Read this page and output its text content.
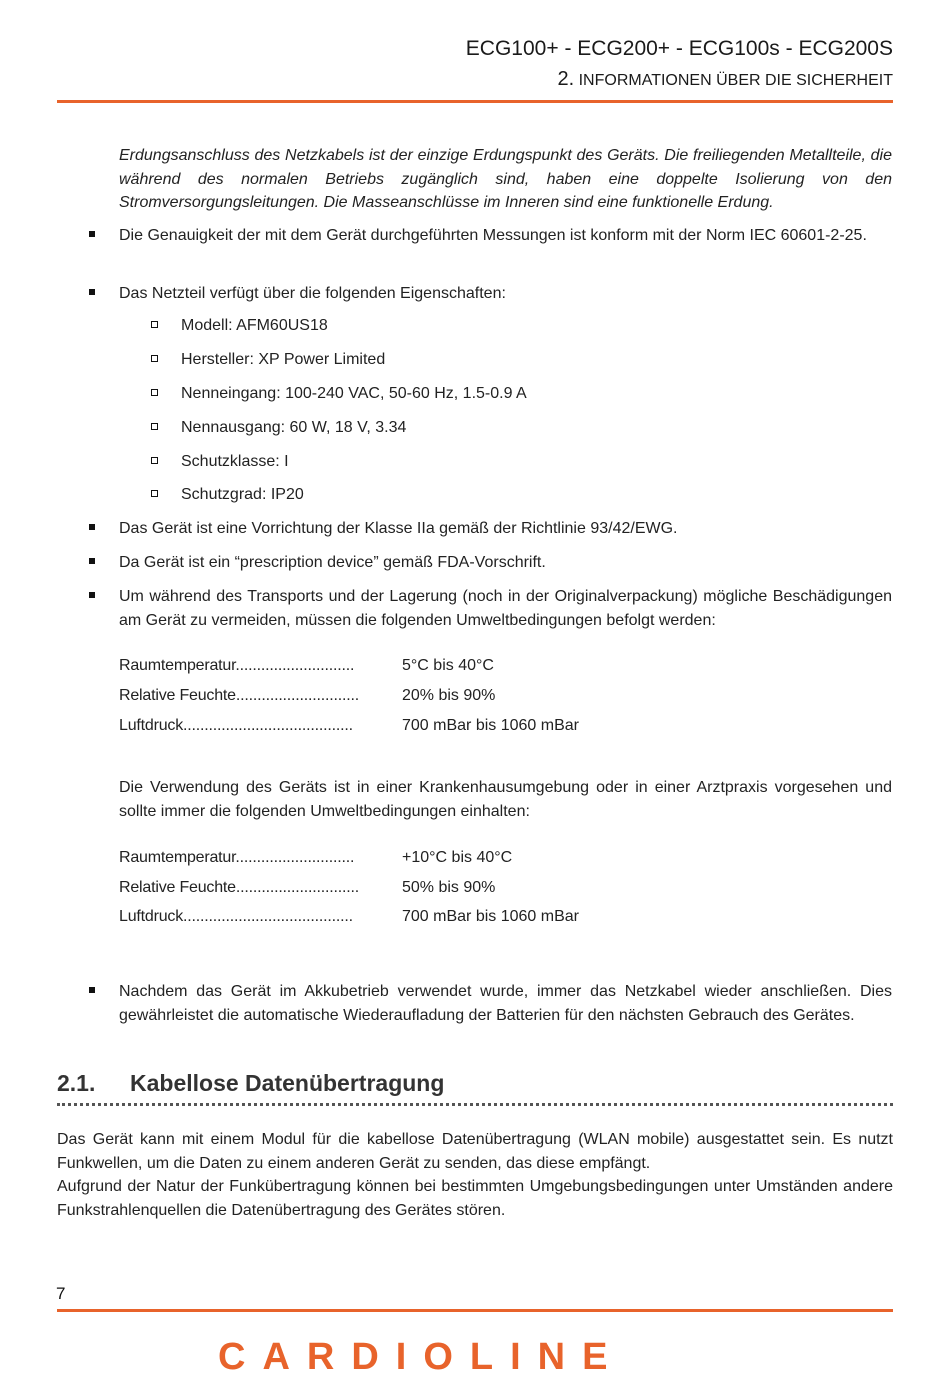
ECG100+ - ECG200+ - ECG100s - ECG200S
2. INFORMATIONEN ÜBER DIE SICHERHEIT

Erdungsanschluss des Netzkabels ist der einzige Erdungspunkt des Geräts. Die freiliegenden Metallteile, die während des normalen Betriebs zugänglich sind, haben eine doppelte Isolierung von den Stromversorgungsleitungen. Die Masseanschlüsse im Inneren sind eine funktionelle Erdung.

Die Genauigkeit der mit dem Gerät durchgeführten Messungen ist konform mit der Norm IEC 60601-2-25.

Das Netzteil verfügt über die folgenden Eigenschaften:

Modell: AFM60US18
Hersteller: XP Power Limited
Nenneingang: 100-240 VAC, 50-60 Hz, 1.5-0.9 A
Nennausgang: 60 W, 18 V, 3.34
Schutzklasse: I
Schutzgrad: IP20

Das Gerät ist eine Vorrichtung der Klasse IIa gemäß der Richtlinie 93/42/EWG.

Da Gerät ist ein “prescription device” gemäß FDA-Vorschrift.

Um während des Transports und der Lagerung (noch in der Originalverpackung) mögliche Beschädigungen am Gerät zu vermeiden, müssen die folgenden Umweltbedingungen befolgt werden:

Raumtemperatur............................	5°C bis 40°C
Relative Feuchte.............................	20% bis 90%
Luftdruck........................................	700 mBar bis 1060 mBar

Die Verwendung des Geräts ist in einer Krankenhausumgebung oder in einer Arztpraxis vorgesehen und sollte immer die folgenden Umweltbedingungen einhalten:

Raumtemperatur............................	+10°C bis 40°C
Relative Feuchte.............................	50% bis 90%
Luftdruck........................................	700 mBar bis 1060 mBar

Nachdem das Gerät im Akkubetrieb verwendet wurde, immer das Netzkabel wieder anschließen. Dies gewährleistet die automatische Wiederaufladung der Batterien für den nächsten Gebrauch des Gerätes.

2.1. Kabellose Datenübertragung

Das Gerät kann mit einem Modul für die kabellose Datenübertragung (WLAN mobile) ausgestattet sein. Es nutzt Funkwellen, um die Daten zu einem anderen Gerät zu senden, das diese empfängt.

Aufgrund der Natur der Funkübertragung können bei bestimmten Umgebungsbedingungen unter Umständen andere Funkstrahlenquellen die Datenübertragung des Gerätes stören.

7
CARDIOLINE
